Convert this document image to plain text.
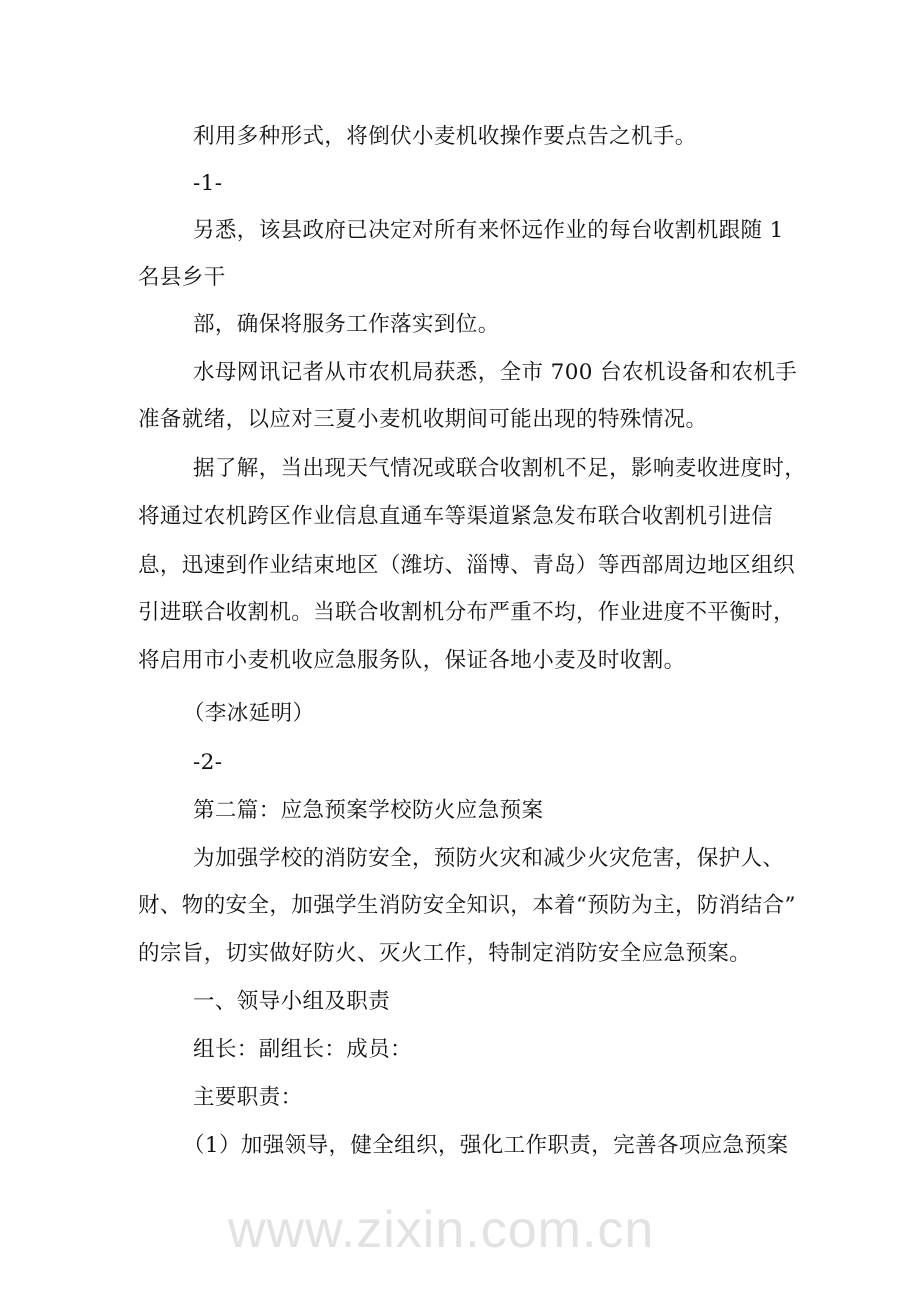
www.zixin.com.cn
利用多种形式，将倒伏小麦机收操作要点告之机手。
-1-
另悉，该县政府已决定对所有来怀远作业的每台收割机跟随 1
名县乡干
部，确保将服务工作落实到位。
水母网讯记者从市农机局获悉，全市 700 台农机设备和农机手
准备就绪，以应对三夏小麦机收期间可能出现的特殊情况。
据了解，当出现天气情况或联合收割机不足，影响麦收进度时，
将通过农机跨区作业信息直通车等渠道紧急发布联合收割机引进信
息，迅速到作业结束地区（潍坊、淄博、青岛）等西部周边地区组织
引进联合收割机。当联合收割机分布严重不均，作业进度不平衡时，
将启用市小麦机收应急服务队，保证各地小麦及时收割。
（李冰延明）
-2-
第二篇：应急预案学校防火应急预案
为加强学校的消防安全，预防火灾和减少火灾危害，保护人、
财、物的安全，加强学生消防安全知识，本着“预防为主，防消结合”
的宗旨，切实做好防火、灭火工作，特制定消防安全应急预案。
一、领导小组及职责
组长：副组长：成员：
主要职责：
（1）加强领导，健全组织，强化工作职责，完善各项应急预案
